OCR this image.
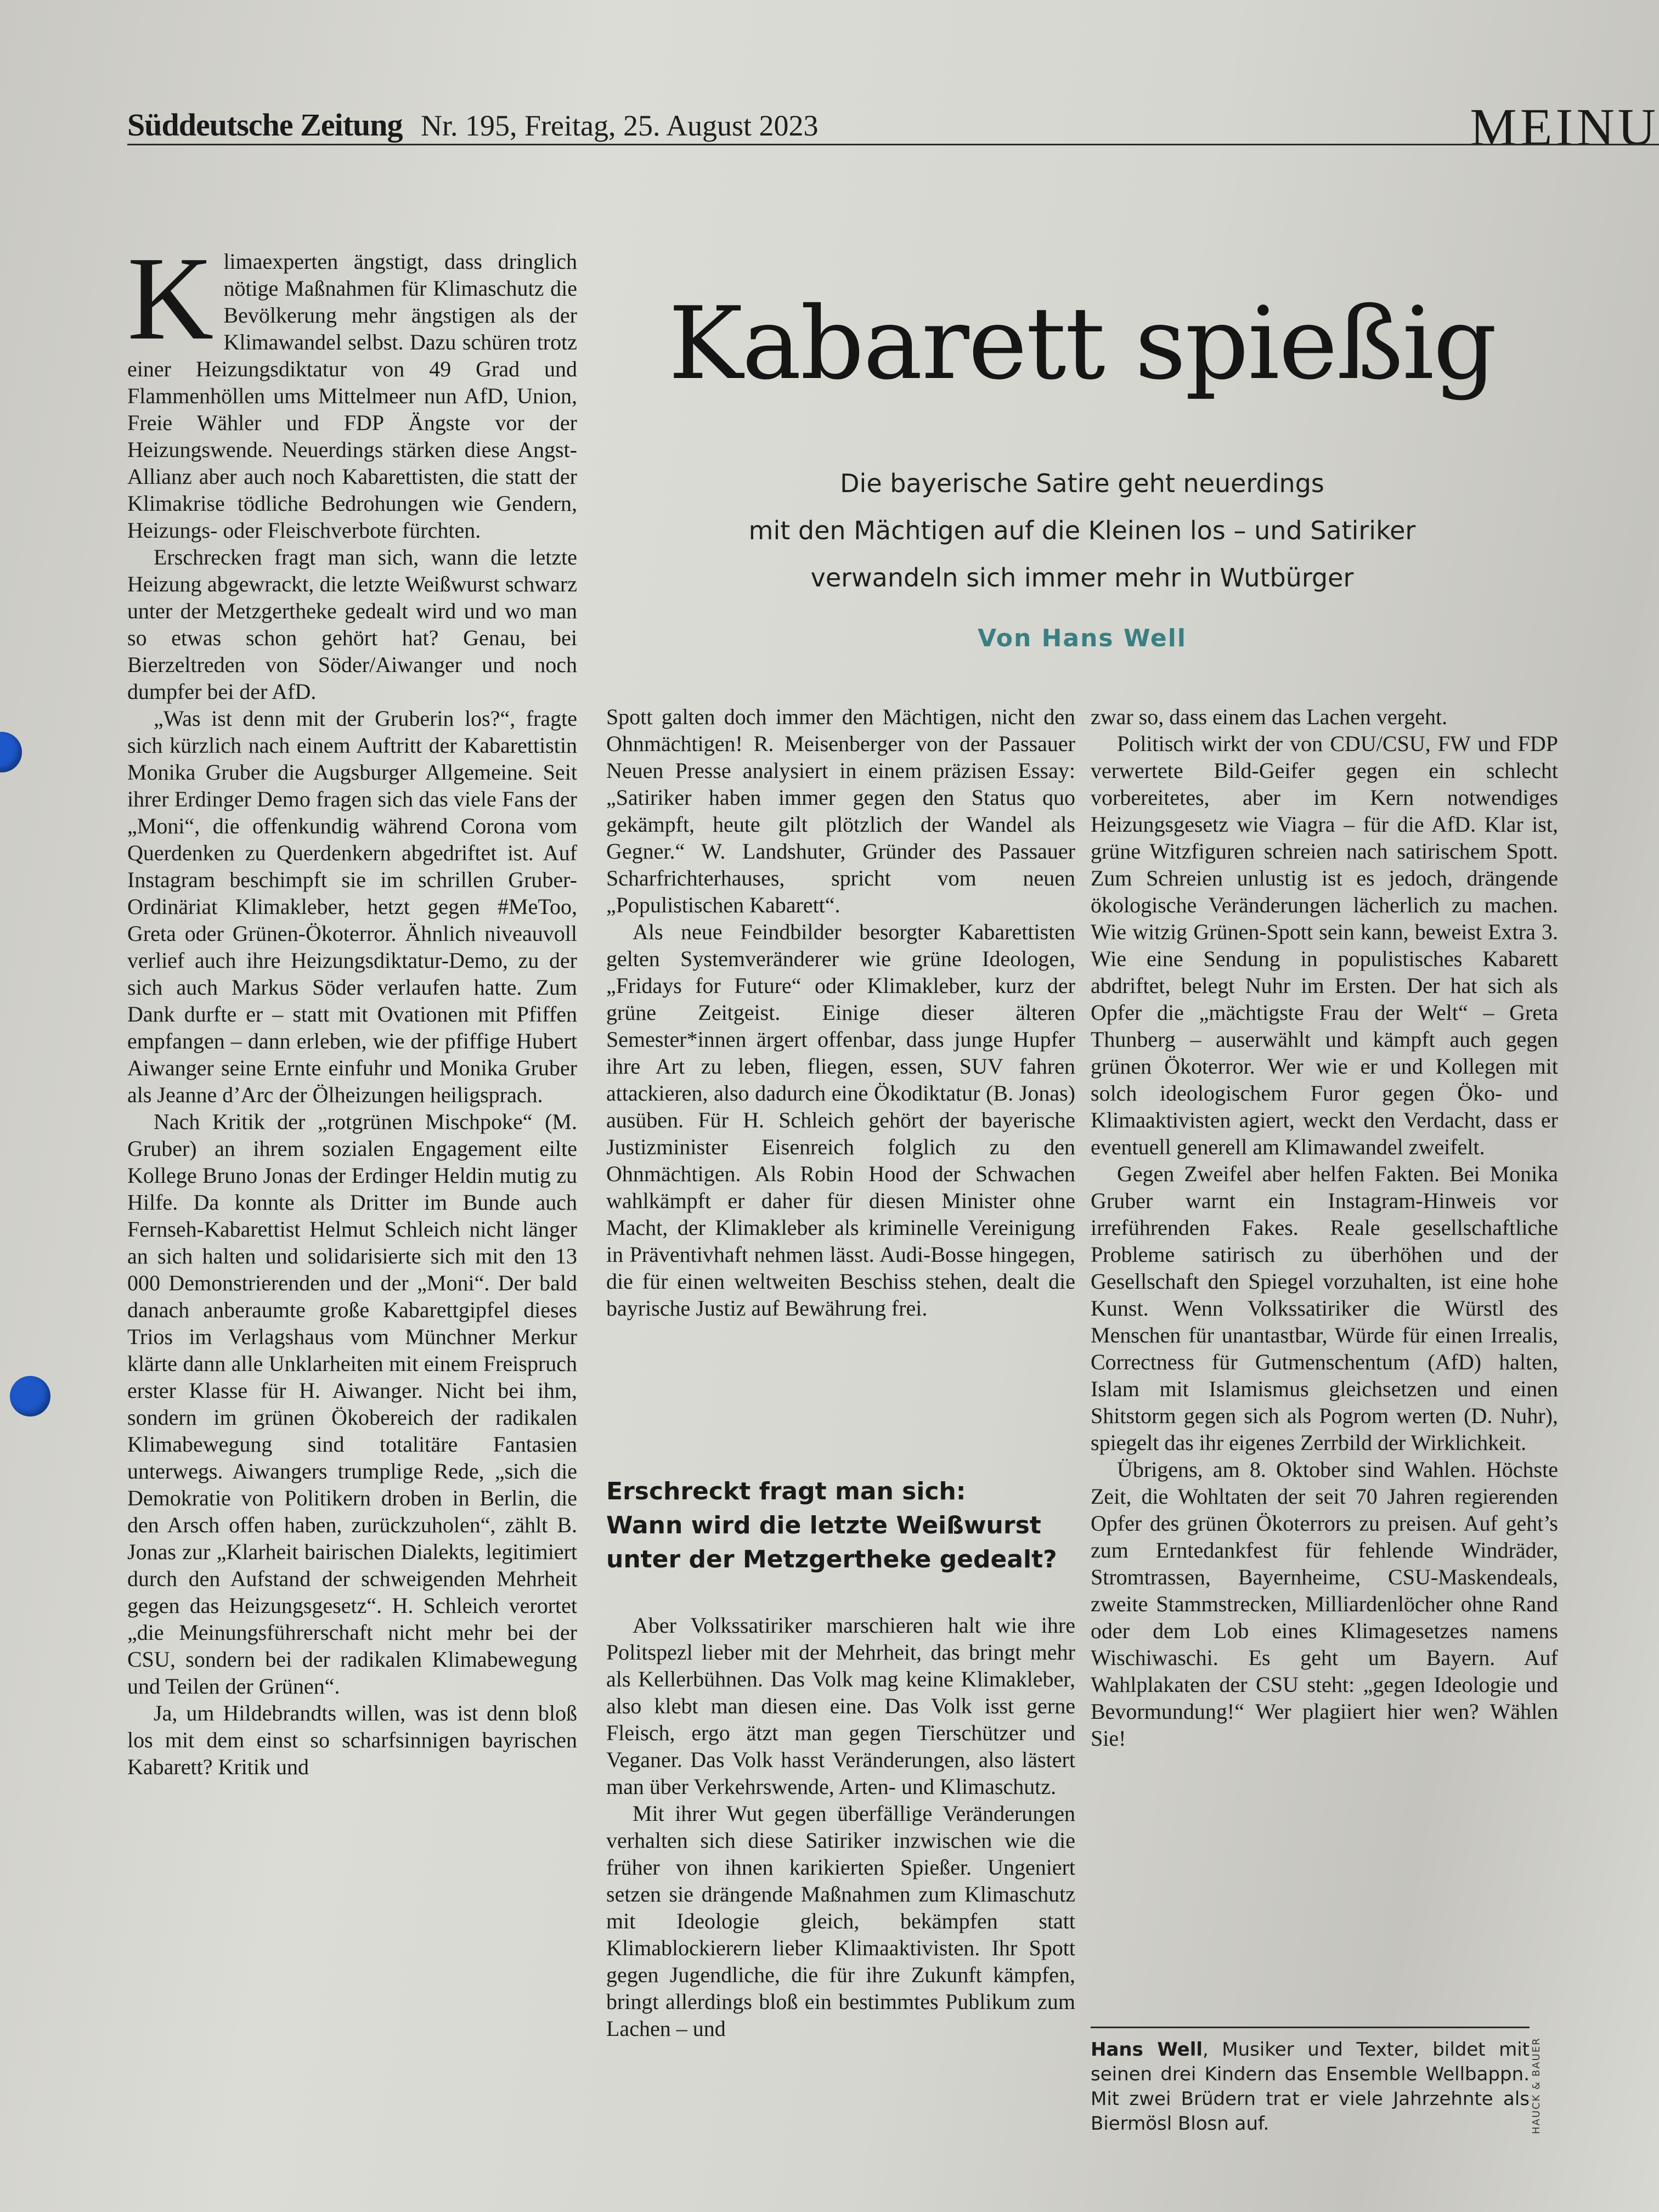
Süddeutsche Zeitung Nr. 195, Freitag, 25. August 2023	MEINU

Klimaexperten ängstigt, dass dringlich nötige Maßnahmen für Klimaschutz die Bevölkerung mehr ängstigen als der Klimawandel selbst. Dazu schüren trotz einer Heizungsdiktatur von 49 Grad und Flammenhöllen ums Mittelmeer nun AfD, Union, Freie Wähler und FDP Ängste vor der Heizungswende. Neuerdings stärken diese Angst-Allianz aber auch noch Kabarettisten, die statt der Klimakrise tödliche Bedrohungen wie Gendern, Heizungs- oder Fleischverbote fürchten.

Erschrecken fragt man sich, wann die letzte Heizung abgewrackt, die letzte Weißwurst schwarz unter der Metzgertheke gedealt wird und wo man so etwas schon gehört hat? Genau, bei Bierzeltreden von Söder/Aiwanger und noch dumpfer bei der AfD.

„Was ist denn mit der Gruberin los?“, fragte sich kürzlich nach einem Auftritt der Kabarettistin Monika Gruber die Augsburger Allgemeine. Seit ihrer Erdinger Demo fragen sich das viele Fans der „Moni“, die offenkundig während Corona vom Querdenken zu Querdenkern abgedriftet ist. Auf Instagram beschimpft sie im schrillen Gruber-Ordinäriat Klimakleber, hetzt gegen #MeToo, Greta oder Grünen-Ökoterror. Ähnlich niveauvoll verlief auch ihre Heizungsdiktatur-Demo, zu der sich auch Markus Söder verlaufen hatte. Zum Dank durfte er – statt mit Ovationen mit Pfiffen empfangen – dann erleben, wie der pfiffige Hubert Aiwanger seine Ernte einfuhr und Monika Gruber als Jeanne d’Arc der Ölheizungen heiligsprach.

Nach Kritik der „rotgrünen Mischpoke“ (M. Gruber) an ihrem sozialen Engagement eilte Kollege Bruno Jonas der Erdinger Heldin mutig zu Hilfe. Da konnte als Dritter im Bunde auch Fernseh-Kabarettist Helmut Schleich nicht länger an sich halten und solidarisierte sich mit den 13 000 Demonstrierenden und der „Moni“. Der bald danach anberaumte große Kabarettgipfel dieses Trios im Verlagshaus vom Münchner Merkur klärte dann alle Unklarheiten mit einem Freispruch erster Klasse für H. Aiwanger. Nicht bei ihm, sondern im grünen Ökobereich der radikalen Klimabewegung sind totalitäre Fantasien unterwegs. Aiwangers trumplige Rede, „sich die Demokratie von Politikern droben in Berlin, die den Arsch offen haben, zurückzuholen“, zählt B. Jonas zur „Klarheit bairischen Dialekts, legitimiert durch den Aufstand der schweigenden Mehrheit gegen das Heizungsgesetz“. H. Schleich verortet „die Meinungsführerschaft nicht mehr bei der CSU, sondern bei der radikalen Klimabewegung und Teilen der Grünen“.

Ja, um Hildebrandts willen, was ist denn bloß los mit dem einst so scharfsinnigen bayrischen Kabarett? Kritik und

Kabarett spießig
Die bayerische Satire geht neuerdings
mit den Mächtigen auf die Kleinen los – und Satiriker
verwandeln sich immer mehr in Wutbürger
Von Hans Well

Spott galten doch immer den Mächtigen, nicht den Ohnmächtigen! R. Meisenberger von der Passauer Neuen Presse analysiert in einem präzisen Essay: „Satiriker haben immer gegen den Status quo gekämpft, heute gilt plötzlich der Wandel als Gegner.“ W. Landshuter, Gründer des Passauer Scharfrichterhauses, spricht vom neuen „Populistischen Kabarett“.

Als neue Feindbilder besorgter Kabarettisten gelten Systemveränderer wie grüne Ideologen, „Fridays for Future“ oder Klimakleber, kurz der grüne Zeitgeist. Einige dieser älteren Semester*innen ärgert offenbar, dass junge Hupfer ihre Art zu leben, fliegen, essen, SUV fahren attackieren, also dadurch eine Ökodiktatur (B. Jonas) ausüben. Für H. Schleich gehört der bayerische Justizminister Eisenreich folglich zu den Ohnmächtigen. Als Robin Hood der Schwachen wahlkämpft er daher für diesen Minister ohne Macht, der Klimakleber als kriminelle Vereinigung in Präventivhaft nehmen lässt. Audi-Bosse hingegen, die für einen weltweiten Beschiss stehen, dealt die bayrische Justiz auf Bewährung frei.

Erschreckt fragt man sich:
Wann wird die letzte Weißwurst
unter der Metzgertheke gedealt?

Aber Volkssatiriker marschieren halt wie ihre Politspezl lieber mit der Mehrheit, das bringt mehr als Kellerbühnen. Das Volk mag keine Klimakleber, also klebt man diesen eine. Das Volk isst gerne Fleisch, ergo ätzt man gegen Tierschützer und Veganer. Das Volk hasst Veränderungen, also lästert man über Verkehrswende, Arten- und Klimaschutz.

Mit ihrer Wut gegen überfällige Veränderungen verhalten sich diese Satiriker inzwischen wie die früher von ihnen karikierten Spießer. Ungeniert setzen sie drängende Maßnahmen zum Klimaschutz mit Ideologie gleich, bekämpfen statt Klimablockierern lieber Klimaaktivisten. Ihr Spott gegen Jugendliche, die für ihre Zukunft kämpfen, bringt allerdings bloß ein bestimmtes Publikum zum Lachen – und

zwar so, dass einem das Lachen vergeht.

Politisch wirkt der von CDU/CSU, FW und FDP verwertete Bild-Geifer gegen ein schlecht vorbereitetes, aber im Kern notwendiges Heizungsgesetz wie Viagra – für die AfD. Klar ist, grüne Witzfiguren schreien nach satirischem Spott. Zum Schreien unlustig ist es jedoch, drängende ökologische Veränderungen lächerlich zu machen. Wie witzig Grünen-Spott sein kann, beweist Extra 3. Wie eine Sendung in populistisches Kabarett abdriftet, belegt Nuhr im Ersten. Der hat sich als Opfer die „mächtigste Frau der Welt“ – Greta Thunberg – auserwählt und kämpft auch gegen grünen Ökoterror. Wer wie er und Kollegen mit solch ideologischem Furor gegen Öko- und Klimaaktivisten agiert, weckt den Verdacht, dass er eventuell generell am Klimawandel zweifelt.

Gegen Zweifel aber helfen Fakten. Bei Monika Gruber warnt ein Instagram-Hinweis vor irreführenden Fakes. Reale gesellschaftliche Probleme satirisch zu überhöhen und der Gesellschaft den Spiegel vorzuhalten, ist eine hohe Kunst. Wenn Volkssatiriker die Würstl des Menschen für unantastbar, Würde für einen Irrealis, Correctness für Gutmenschentum (AfD) halten, Islam mit Islamismus gleichsetzen und einen Shitstorm gegen sich als Pogrom werten (D. Nuhr), spiegelt das ihr eigenes Zerrbild der Wirklichkeit.

Übrigens, am 8. Oktober sind Wahlen. Höchste Zeit, die Wohltaten der seit 70 Jahren regierenden Opfer des grünen Ökoterrors zu preisen. Auf geht’s zum Erntedankfest für fehlende Windräder, Stromtrassen, Bayernheime, CSU-Maskendeals, zweite Stammstrecken, Milliardenlöcher ohne Rand oder dem Lob eines Klimagesetzes namens Wischiwaschi. Es geht um Bayern. Auf Wahlplakaten der CSU steht: „gegen Ideologie und Bevormundung!“ Wer plagiiert hier wen? Wählen Sie!

Hans Well, Musiker und Texter, bildet mit seinen drei Kindern das Ensemble Wellbappn. Mit zwei Brüdern trat er viele Jahrzehnte als Biermösl Blosn auf.	HAUCK & BAUER
